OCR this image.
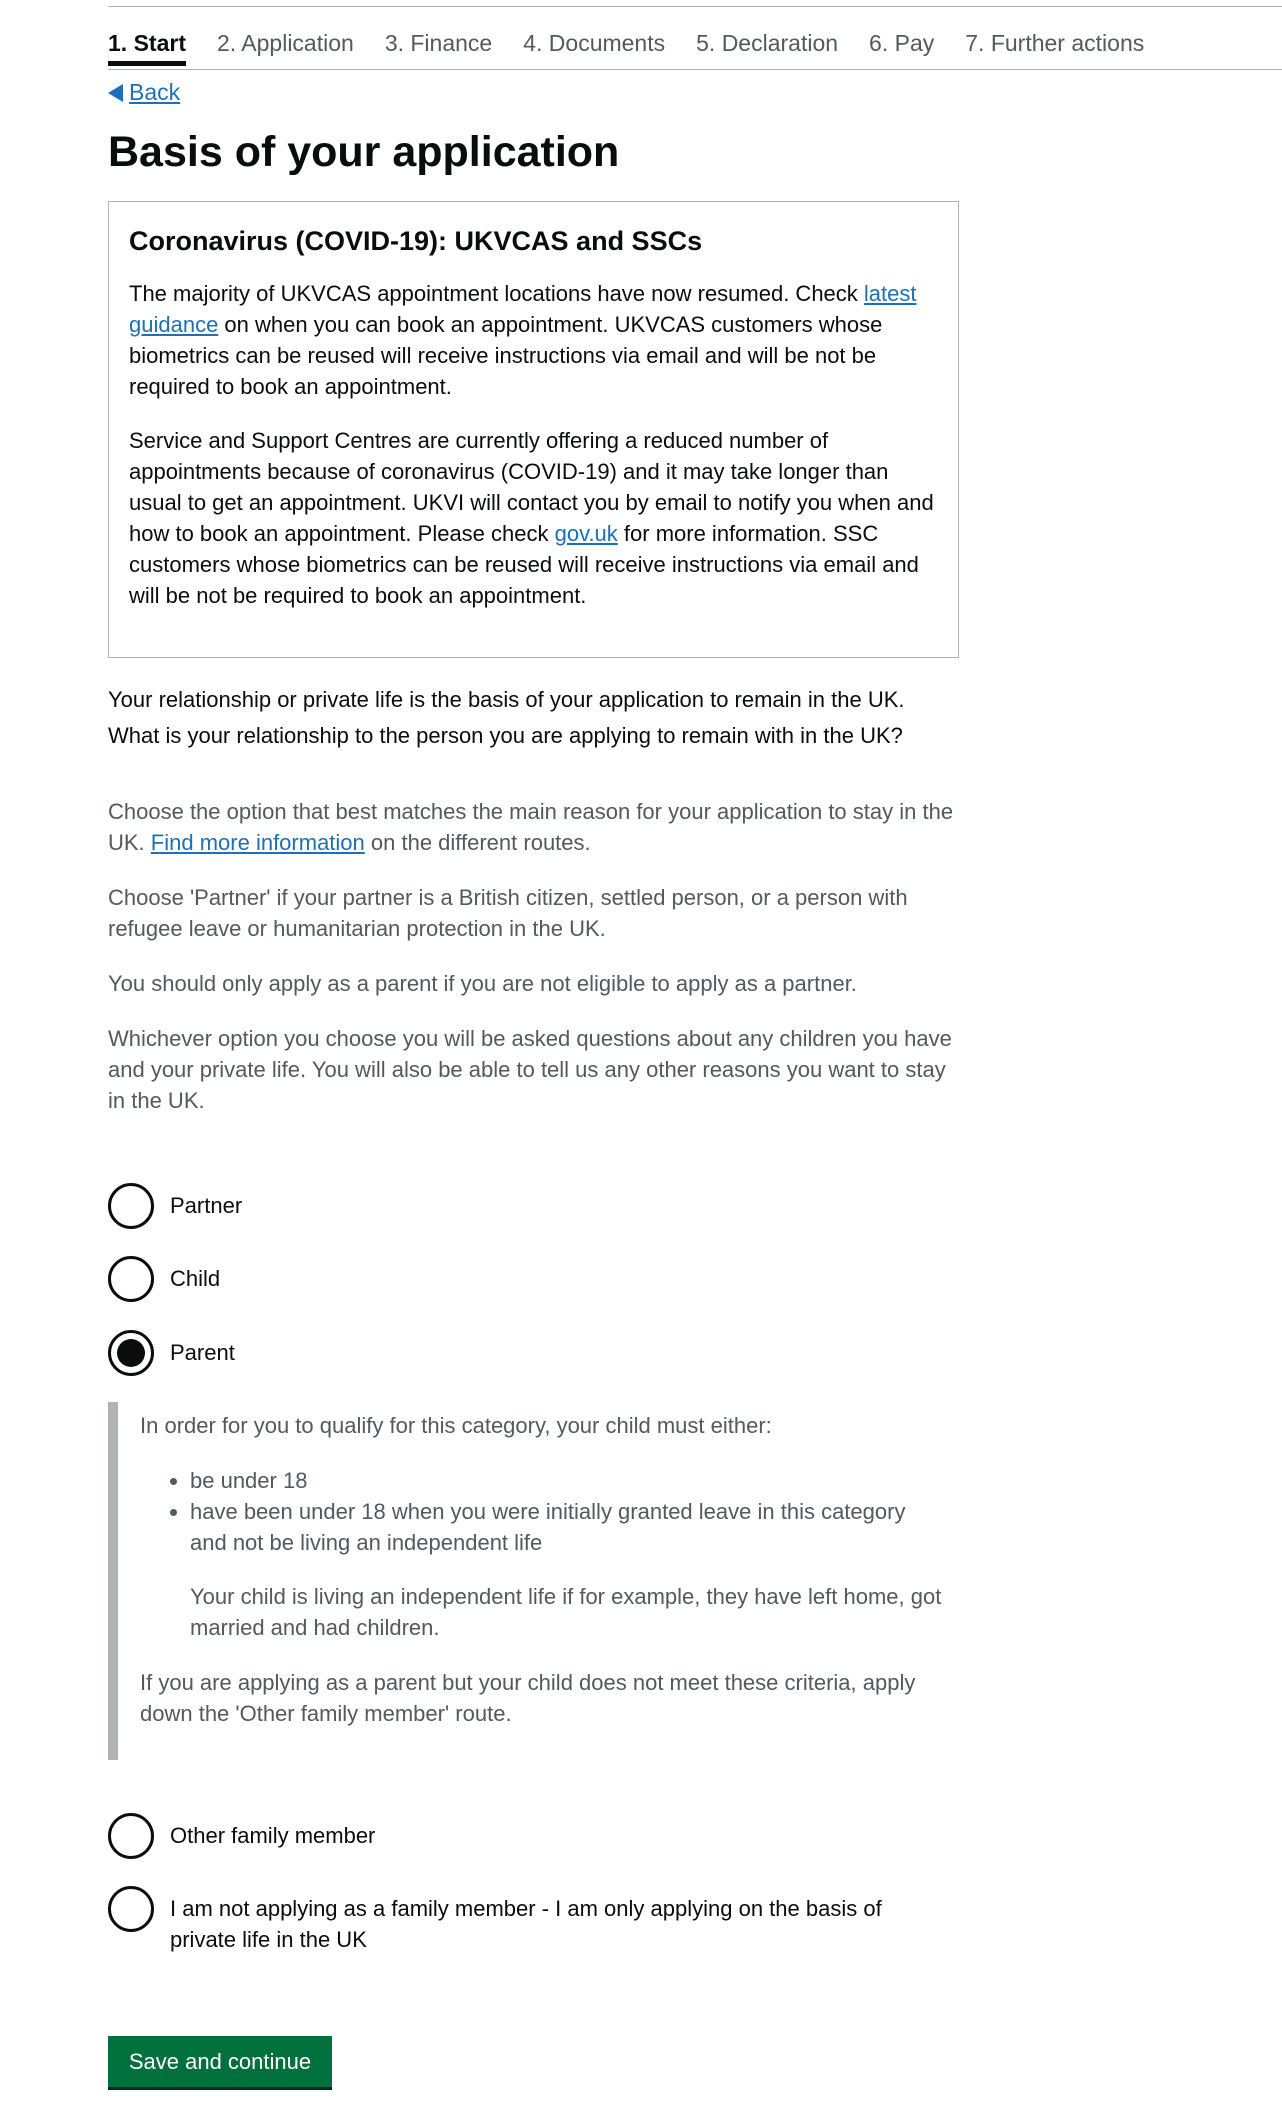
1. Start 2. Application 3. Finance 4. Documents 5. Declaration 6. Pay 7. Further actions
Back
Basis of your application
Coronavirus (COVID-19): UKVCAS and SSCs

The majority of UKVCAS appointment locations have now resumed. Check latest guidance on when you can book an appointment. UKVCAS customers whose biometrics can be reused will receive instructions via email and will be not be required to book an appointment.

Service and Support Centres are currently offering a reduced number of appointments because of coronavirus (COVID-19) and it may take longer than usual to get an appointment. UKVI will contact you by email to notify you when and how to book an appointment. Please check gov.uk for more information. SSC customers whose biometrics can be reused will receive instructions via email and will be not be required to book an appointment.

Your relationship or private life is the basis of your application to remain in the UK.
What is your relationship to the person you are applying to remain with in the UK?

Choose the option that best matches the main reason for your application to stay in the UK. Find more information on the different routes.

Choose 'Partner' if your partner is a British citizen, settled person, or a person with refugee leave or humanitarian protection in the UK.

You should only apply as a parent if you are not eligible to apply as a partner.

Whichever option you choose you will be asked questions about any children you have and your private life. You will also be able to tell us any other reasons you want to stay in the UK.

Partner
Child
Parent

In order for you to qualify for this category, your child must either:

• be under 18
• have been under 18 when you were initially granted leave in this category and not be living an independent life

Your child is living an independent life if for example, they have left home, got married and had children.

If you are applying as a parent but your child does not meet these criteria, apply down the 'Other family member' route.

Other family member
I am not applying as a family member - I am only applying on the basis of private life in the UK
Save and continue
